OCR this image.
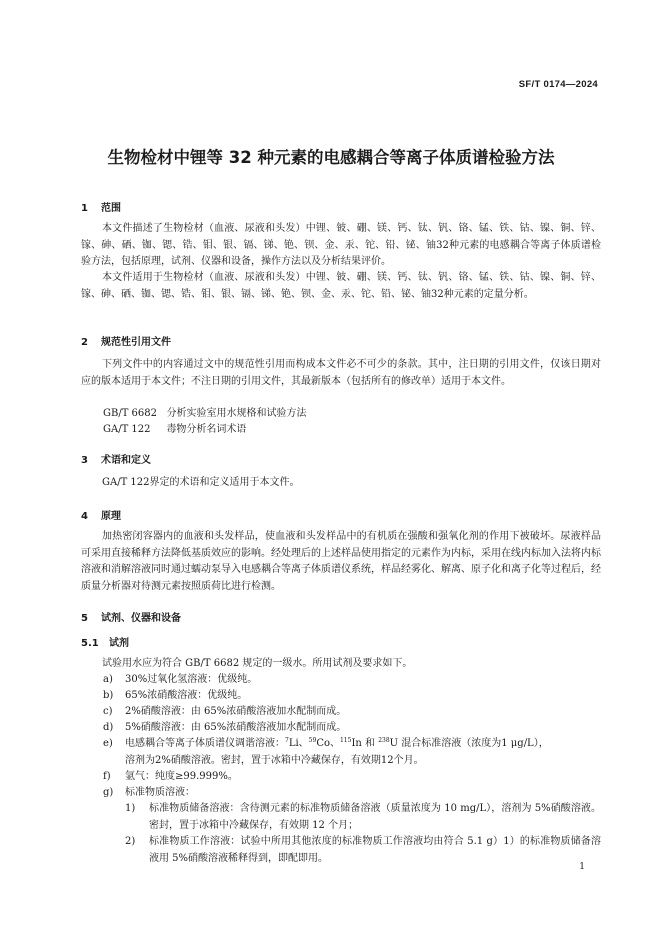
SF/T 0174—2024
生物检材中锂等 32 种元素的电感耦合等离子体质谱检验方法
1 范围
本文件描述了生物检材（血液、尿液和头发）中锂、铍、硼、镁、钙、钛、钒、铬、锰、铁、钴、镍、铜、锌、镓、砷、硒、铷、锶、锆、钼、银、镉、锑、铯、钡、金、汞、铊、铅、铋、铀32种元素的电感耦合等离子体质谱检验方法，包括原理，试剂、仪器和设备，操作方法以及分析结果评价。
本文件适用于生物检材（血液、尿液和头发）中锂、铍、硼、镁、钙、钛、钒、铬、锰、铁、钴、镍、铜、锌、镓、砷、硒、铷、锶、锆、钼、银、镉、锑、铯、钡、金、汞、铊、铅、铋、铀32种元素的定量分析。
2 规范性引用文件
下列文件中的内容通过文中的规范性引用而构成本文件必不可少的条款。其中，注日期的引用文件，仅该日期对应的版本适用于本文件；不注日期的引用文件，其最新版本（包括所有的修改单）适用于本文件。
GB/T 6682 分析实验室用水规格和试验方法
GA/T 122 毒物分析名词术语
3 术语和定义
GA/T 122界定的术语和定义适用于本文件。
4 原理
加热密闭容器内的血液和头发样品，使血液和头发样品中的有机质在强酸和强氧化剂的作用下被破坏。尿液样品可采用直接稀释方法降低基质效应的影响。经处理后的上述样品使用指定的元素作为内标，采用在线内标加入法将内标溶液和消解溶液同时通过蠕动泵导入电感耦合等离子体质谱仪系统，样品经雾化、解离、原子化和离子化等过程后，经质量分析器对待测元素按照质荷比进行检测。
5 试剂、仪器和设备
5.1 试剂
试验用水应为符合 GB/T 6682 规定的一级水。所用试剂及要求如下。
a) 30%过氧化氢溶液：优级纯。
b) 65%浓硝酸溶液：优级纯。
c) 2%硝酸溶液：由 65%浓硝酸溶液加水配制而成。
d) 5%硝酸溶液：由 65%浓硝酸溶液加水配制而成。
e) 电感耦合等离子体质谱仪调谐溶液：$^7$Li、$^{59}$Co、$^{115}$In 和 $^{238}$U 混合标准溶液（浓度为1 μg/L），
溶剂为2%硝酸溶液。密封，置于冰箱中冷藏保存，有效期12个月。
f) 氩气：纯度≥99.999%。
g) 标准物质溶液：
1) 标准物质储备溶液：含待测元素的标准物质储备溶液（质量浓度为 10 mg/L），溶剂为 5%硝酸溶液。密封，置于冰箱中冷藏保存，有效期 12 个月；
2) 标准物质工作溶液：试验中所用其他浓度的标准物质工作溶液均由符合 5.1 g）1）的标准物质储备溶液用 5%硝酸溶液稀释得到，即配即用。
1
